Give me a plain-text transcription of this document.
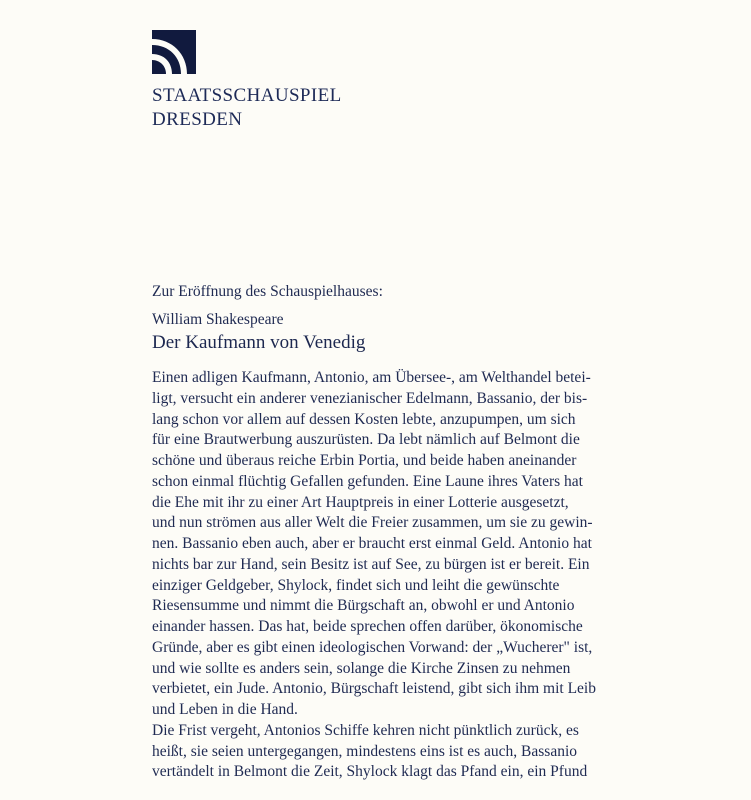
STAATSSCHAUSPIEL
DRESDEN
Zur Eröffnung des Schauspielhauses:
William Shakespeare
Der Kaufmann von Venedig
Einen adligen Kaufmann, Antonio, am Übersee-, am Welthandel betei-
ligt, versucht ein anderer venezianischer Edelmann, Bassanio, der bis-
lang schon vor allem auf dessen Kosten lebte, anzupumpen, um sich
für eine Brautwerbung auszurüsten. Da lebt nämlich auf Belmont die
schöne und überaus reiche Erbin Portia, und beide haben aneinander
schon einmal flüchtig Gefallen gefunden. Eine Laune ihres Vaters hat
die Ehe mit ihr zu einer Art Hauptpreis in einer Lotterie ausgesetzt,
und nun strömen aus aller Welt die Freier zusammen, um sie zu gewin-
nen. Bassanio eben auch, aber er braucht erst einmal Geld. Antonio hat
nichts bar zur Hand, sein Besitz ist auf See, zu bürgen ist er bereit. Ein
einziger Geldgeber, Shylock, findet sich und leiht die gewünschte
Riesensumme und nimmt die Bürgschaft an, obwohl er und Antonio
einander hassen. Das hat, beide sprechen offen darüber, ökonomische
Gründe, aber es gibt einen ideologischen Vorwand: der „Wucherer" ist,
und wie sollte es anders sein, solange die Kirche Zinsen zu nehmen
verbietet, ein Jude. Antonio, Bürgschaft leistend, gibt sich ihm mit Leib
und Leben in die Hand.
Die Frist vergeht, Antonios Schiffe kehren nicht pünktlich zurück, es
heißt, sie seien untergegangen, mindestens eins ist es auch, Bassanio
vertändelt in Belmont die Zeit, Shylock klagt das Pfand ein, ein Pfund
